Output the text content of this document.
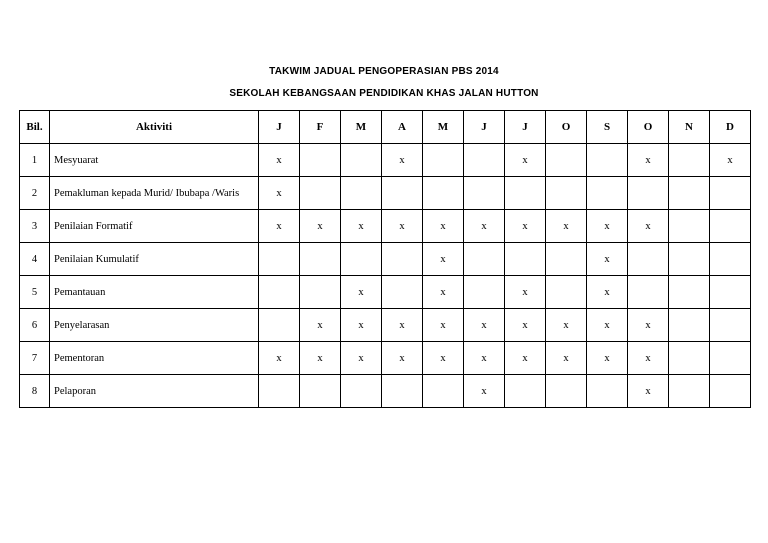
TAKWIM JADUAL PENGOPERASIAN PBS 2014
SEKOLAH KEBANGSAAN PENDIDIKAN KHAS JALAN HUTTON
Bil.	Aktiviti	J	F	M	A	M	J	J	O	S	O	N	D
1	Mesyuarat	x			x			x			x		x
2	Pemakluman kepada Murid/ Ibubapa /Waris	x											
3	Penilaian Formatif	x	x	x	x	x	x	x	x	x	x		
4	Penilaian Kumulatif					x				x			
5	Pemantauan			x		x		x		x			
6	Penyelarasan		x	x	x	x	x	x	x	x	x		
7	Pementoran	x	x	x	x	x	x	x	x	x	x		
8	Pelaporan						x				x		
